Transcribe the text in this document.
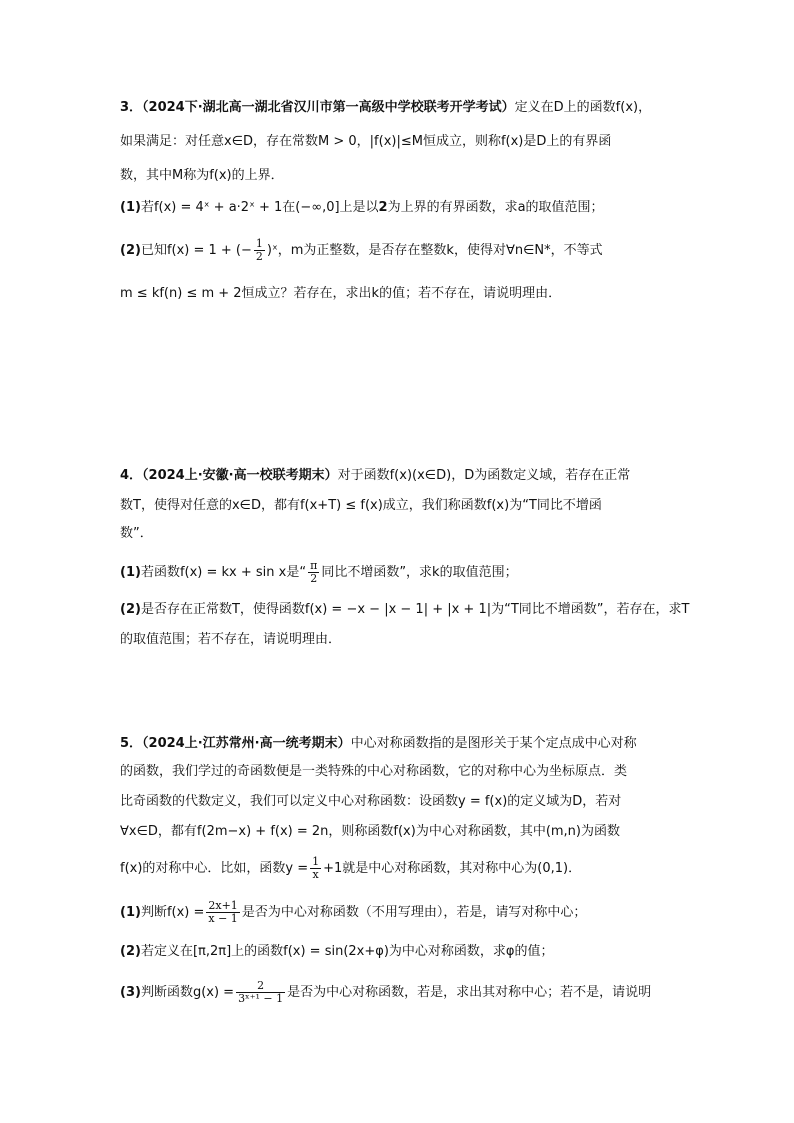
3．（2024下·湖北高一湖北省汉川市第一高级中学校联考开学考试）定义在D上的函数f(x)，
如果满足：对任意x∈D，存在常数M > 0，|f(x)|≤M恒成立，则称f(x)是D上的有界函
数，其中M称为f(x)的上界．
(1)若f(x) = 4ˣ + a·2ˣ + 1在(−∞,0]上是以2为上界的有界函数，求a的取值范围；
(2)已知f(x) = 1 + (− $\frac{1}{2}$ )ˣ，m为正整数，是否存在整数k，使得对∀n∈N*，不等式
m ≤ kf(n) ≤ m + 2恒成立？若存在，求出k的值；若不存在，请说明理由．
4．（2024上·安徽·高一校联考期末）对于函数f(x)(x∈D)，D为函数定义域，若存在正常
数T，使得对任意的x∈D，都有f(x+T) ≤ f(x)成立，我们称函数f(x)为“T同比不增函
数”．
(1)若函数f(x) = kx + sin x是“ $\frac{\pi}{2}$ 同比不增函数”，求k的取值范围；
(2)是否存在正常数T，使得函数f(x) = −x − |x − 1| + |x + 1|为“T同比不增函数”，若存在，求T
的取值范围；若不存在，请说明理由．
5．（2024上·江苏常州·高一统考期末）中心对称函数指的是图形关于某个定点成中心对称
的函数，我们学过的奇函数便是一类特殊的中心对称函数，它的对称中心为坐标原点．类
比奇函数的代数定义，我们可以定义中心对称函数：设函数y = f(x)的定义域为D，若对
∀x∈D，都有f(2m−x) + f(x) = 2n，则称函数f(x)为中心对称函数，其中(m,n)为函数
f(x)的对称中心．比如，函数$y = \frac{1}{x} +1$就是中心对称函数，其对称中心为(0,1)．
(1)判断$f(x) = \frac{2x+1}{x - 1}$ 是否为中心对称函数（不用写理由），若是，请写对称中心；
(2)若定义在[π,2π]上的函数f(x) = sin(2x+φ)为中心对称函数，求φ的值；
(3)判断函数$g(x) = \frac{2}{\text{3ˣ⁺¹ − 1}}$ 是否为中心对称函数，若是，求出其对称中心；若不是，请说明
